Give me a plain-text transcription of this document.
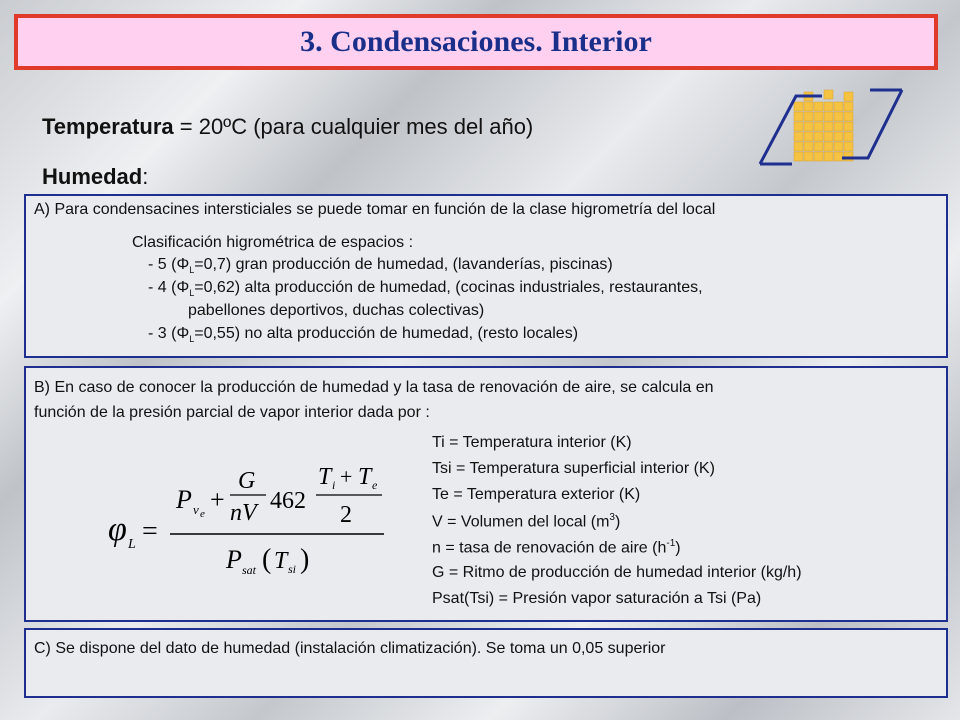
3. Condensaciones. Interior
Temperatura = 20ºC (para cualquier mes del año)
Humedad:
A) Para condensacines intersticiales se puede tomar en función de la clase higrometría del local
Clasificación higrométrica de espacios :
- 5 $(\Phi_L=0,7)$ gran producción de humedad, (lavanderías, piscinas)
- 4 $(\Phi_L=0,62)$ alta producción de humedad, (cocinas industriales, restaurantes,
pabellones deportivos, duchas colectivas)
- 3 $(\Phi_L=0,55)$ no alta producción de humedad, (resto locales)
B) En caso de conocer la producción de humedad y la tasa de renovación de aire, se calcula en
función de la presión parcial de vapor interior dada por :
φ L =
P v e +
G
nV 462
T i + T e
2
P sat ( T si )
Ti = Temperatura interior (K)
Tsi = Temperatura superficial interior (K)
Te = Temperatura exterior (K)
V = Volumen del local $(m^3)$
n = tasa de renovación de aire $(h^{-1})$
G = Ritmo de producción de humedad interior (kg/h)
Psat(Tsi) = Presión vapor saturación a Tsi (Pa)
C) Se dispone del dato de humedad (instalación climatización). Se toma un 0,05 superior
